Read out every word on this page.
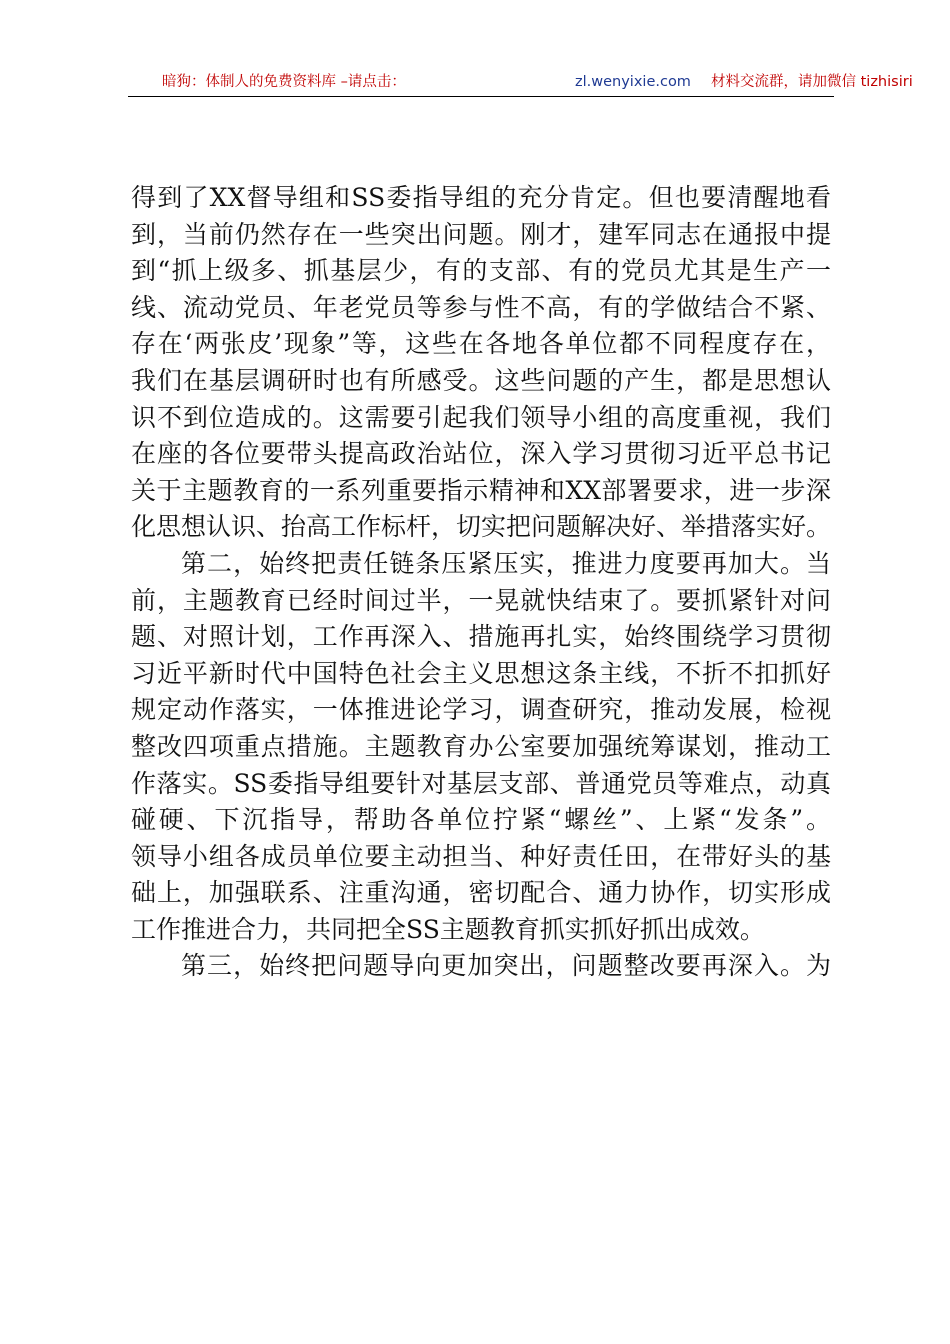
暗狗：体制人的免费资料库 –请点击：	zl.wenyixie.com 材料交流群，请加微信 tizhisiri
得到了XX督导组和SS委指导组的充分肯定。但也要清醒地看
到，当前仍然存在一些突出问题。刚才，建军同志在通报中提
到“抓上级多、抓基层少，有的支部、有的党员尤其是生产一
线、流动党员、年老党员等参与性不高，有的学做结合不紧、
存在‘两张皮’现象”等，这些在各地各单位都不同程度存在，
我们在基层调研时也有所感受。这些问题的产生，都是思想认
识不到位造成的。这需要引起我们领导小组的高度重视，我们
在座的各位要带头提高政治站位，深入学习贯彻习近平总书记
关于主题教育的一系列重要指示精神和XX部署要求，进一步深
化思想认识、抬高工作标杆，切实把问题解决好、举措落实好。
第二，始终把责任链条压紧压实，推进力度要再加大。当
前，主题教育已经时间过半，一晃就快结束了。要抓紧针对问
题、对照计划，工作再深入、措施再扎实，始终围绕学习贯彻
习近平新时代中国特色社会主义思想这条主线，不折不扣抓好
规定动作落实，一体推进论学习，调查研究，推动发展，检视
整改四项重点措施。主题教育办公室要加强统筹谋划，推动工
作落实。SS委指导组要针对基层支部、普通党员等难点，动真
碰硬、下沉指导，帮助各单位拧紧“螺丝”、上紧“发条”。
领导小组各成员单位要主动担当、种好责任田，在带好头的基
础上，加强联系、注重沟通，密切配合、通力协作，切实形成
工作推进合力，共同把全SS主题教育抓实抓好抓出成效。
第三，始终把问题导向更加突出，问题整改要再深入。为
